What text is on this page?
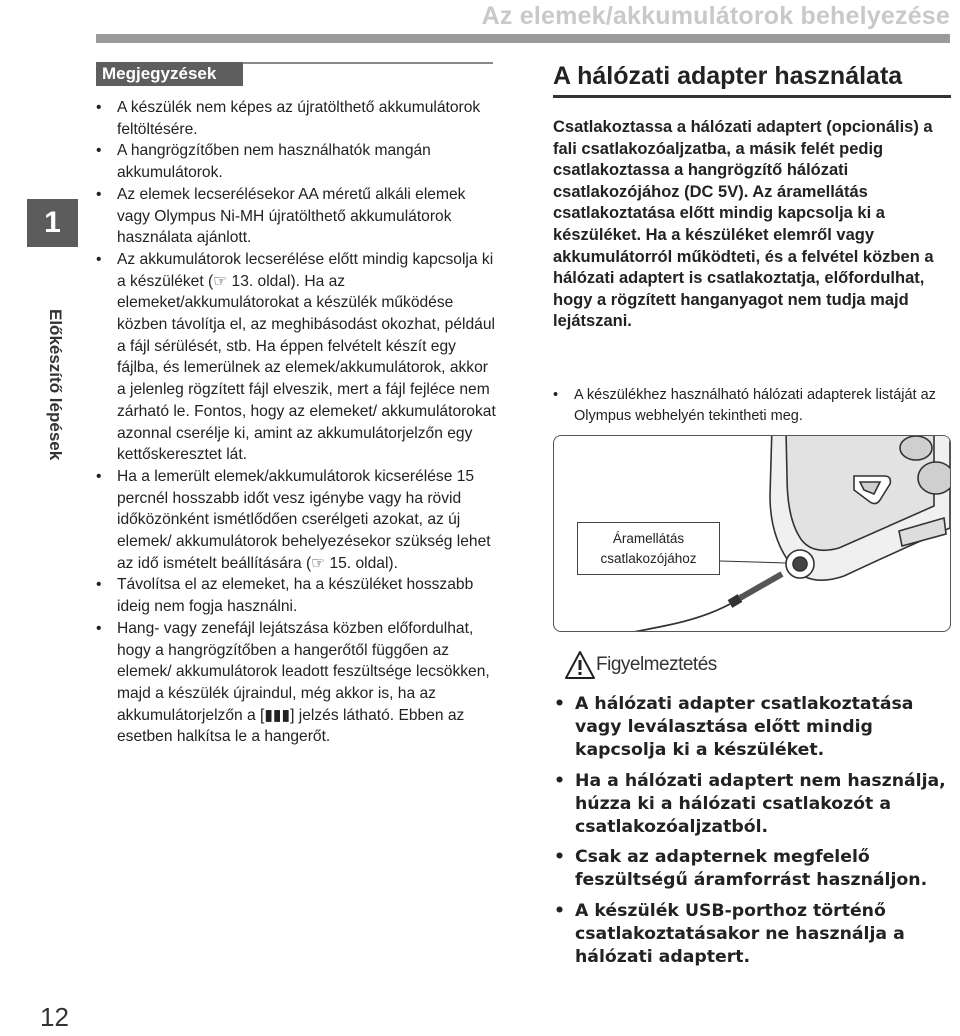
Az elemek/akkumulátorok behelyezése
1
Előkészítő lépések
12
Megjegyzések
• A készülék nem képes az újratölthető akkumulátorok feltöltésére.
• A hangrögzítőben nem használhatók mangán akkumulátorok.
• Az elemek lecserélésekor AA méretű alkáli elemek vagy Olympus Ni-MH újratölthető akkumulátorok használata ajánlott.
• Az akkumulátorok lecserélése előtt mindig kapcsolja ki a készüléket (☞ 13. oldal). Ha az elemeket/akkumulátorokat a készülék működése közben távolítja el, az meghibásodást okozhat, például a fájl sérülését, stb. Ha éppen felvételt készít egy fájlba, és lemerülnek az elemek/akkumulátorok, akkor a jelenleg rögzített fájl elveszik, mert a fájl fejléce nem zárható le. Fontos, hogy az elemeket/ akkumulátorokat azonnal cserélje ki, amint az akkumulátorjelzőn egy kettőskeresztet lát.
• Ha a lemerült elemek/akkumulátorok kicserélése 15 percnél hosszabb időt vesz igénybe vagy ha rövid időközönként ismétlődően cserélgeti azokat, az új elemek/ akkumulátorok behelyezésekor szükség lehet az idő ismételt beállítására (☞ 15. oldal).
• Távolítsa el az elemeket, ha a készüléket hosszabb ideig nem fogja használni.
• Hang- vagy zenefájl lejátszása közben előfordulhat, hogy a hangrögzítőben a hangerőtől függően az elemek/ akkumulátorok leadott feszültsége lecsökken, majd a készülék újraindul, még akkor is, ha az akkumulátorjelzőn a [▮▮▮] jelzés látható. Ebben az esetben halkítsa le a hangerőt.
A hálózati adapter használata

Csatlakoztassa a hálózati adaptert (opcionális) a fali csatlakozóaljzatba, a másik felét pedig csatlakoztassa a hangrögzítő hálózati csatlakozójához (DC 5V). Az áramellátás csatlakoztatása előtt mindig kapcsolja ki a készüléket. Ha a készüléket elemről vagy akkumulátorról működteti, és a felvétel közben a hálózati adaptert is csatlakoztatja, előfordulhat, hogy a rögzített hanganyagot nem tudja majd lejátszani.

• A készülékhez használható hálózati adapterek listáját az Olympus webhelyén tekintheti meg.
Áramellátás csatlakozójához
Figyelmeztetés
• A hálózati adapter csatlakoztatása vagy leválasztása előtt mindig kapcsolja ki a készüléket.
• Ha a hálózati adaptert nem használja, húzza ki a hálózati csatlakozót a csatlakozóaljzatból.
• Csak az adapternek megfelelő feszültségű áramforrást használjon.
• A készülék USB-porthoz történő csatlakoztatásakor ne használja a hálózati adaptert.
